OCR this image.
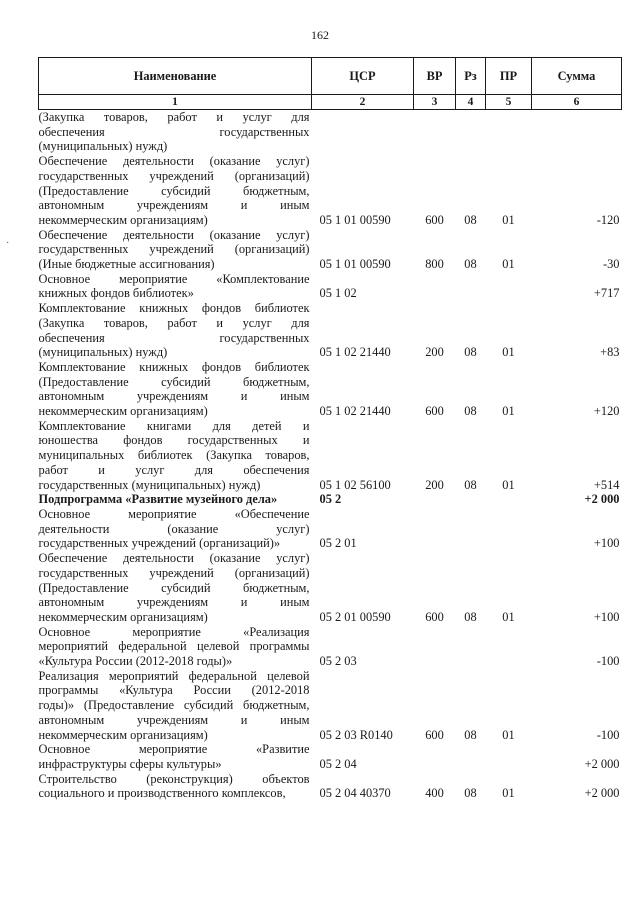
162
·
Наименование	ЦСР	ВР	Рз	ПР	Сумма
1	2	3	4	5	6

(Закупка товаров, работ и услуг для
обеспечения государственных
(муниципальных) нужд)					

Обеспечение деятельности (оказание услуг)
государственных учреждений (организаций)
(Предоставление субсидий бюджетным,
автономным учреждениям и иным
некоммерческим организациям)	05 1 01 00590	600	08	01	-120

Обеспечение деятельности (оказание услуг)
государственных учреждений (организаций)
(Иные бюджетные ассигнования)	05 1 01 00590	800	08	01	-30

Основное мероприятие «Комплектование
книжных фондов библиотек»	05 1 02				+717

Комплектование книжных фондов библиотек
(Закупка товаров, работ и услуг для
обеспечения государственных
(муниципальных) нужд)	05 1 02 21440	200	08	01	+83

Комплектование книжных фондов библиотек
(Предоставление субсидий бюджетным,
автономным учреждениям и иным
некоммерческим организациям)	05 1 02 21440	600	08	01	+120

Комплектование книгами для детей и
юношества фондов государственных и
муниципальных библиотек (Закупка товаров,
работ и услуг для обеспечения
государственных (муниципальных) нужд)	05 1 02 56100	200	08	01	+514

Подпрограмма «Развитие музейного дела»	05 2				+2 000

Основное мероприятие «Обеспечение
деятельности (оказание услуг)
государственных учреждений (организаций)»	05 2 01				+100

Обеспечение деятельности (оказание услуг)
государственных учреждений (организаций)
(Предоставление субсидий бюджетным,
автономным учреждениям и иным
некоммерческим организациям)	05 2 01 00590	600	08	01	+100

Основное мероприятие «Реализация
мероприятий федеральной целевой программы
«Культура России (2012-2018 годы)»	05 2 03				-100

Реализация мероприятий федеральной целевой
программы «Культура России (2012-2018
годы)» (Предоставление субсидий бюджетным,
автономным учреждениям и иным
некоммерческим организациям)	05 2 03 R0140	600	08	01	-100

Основное мероприятие «Развитие
инфраструктуры сферы культуры»	05 2 04				+2 000

Строительство (реконструкция) объектов
социального и производственного комплексов,	05 2 04 40370	400	08	01	+2 000
